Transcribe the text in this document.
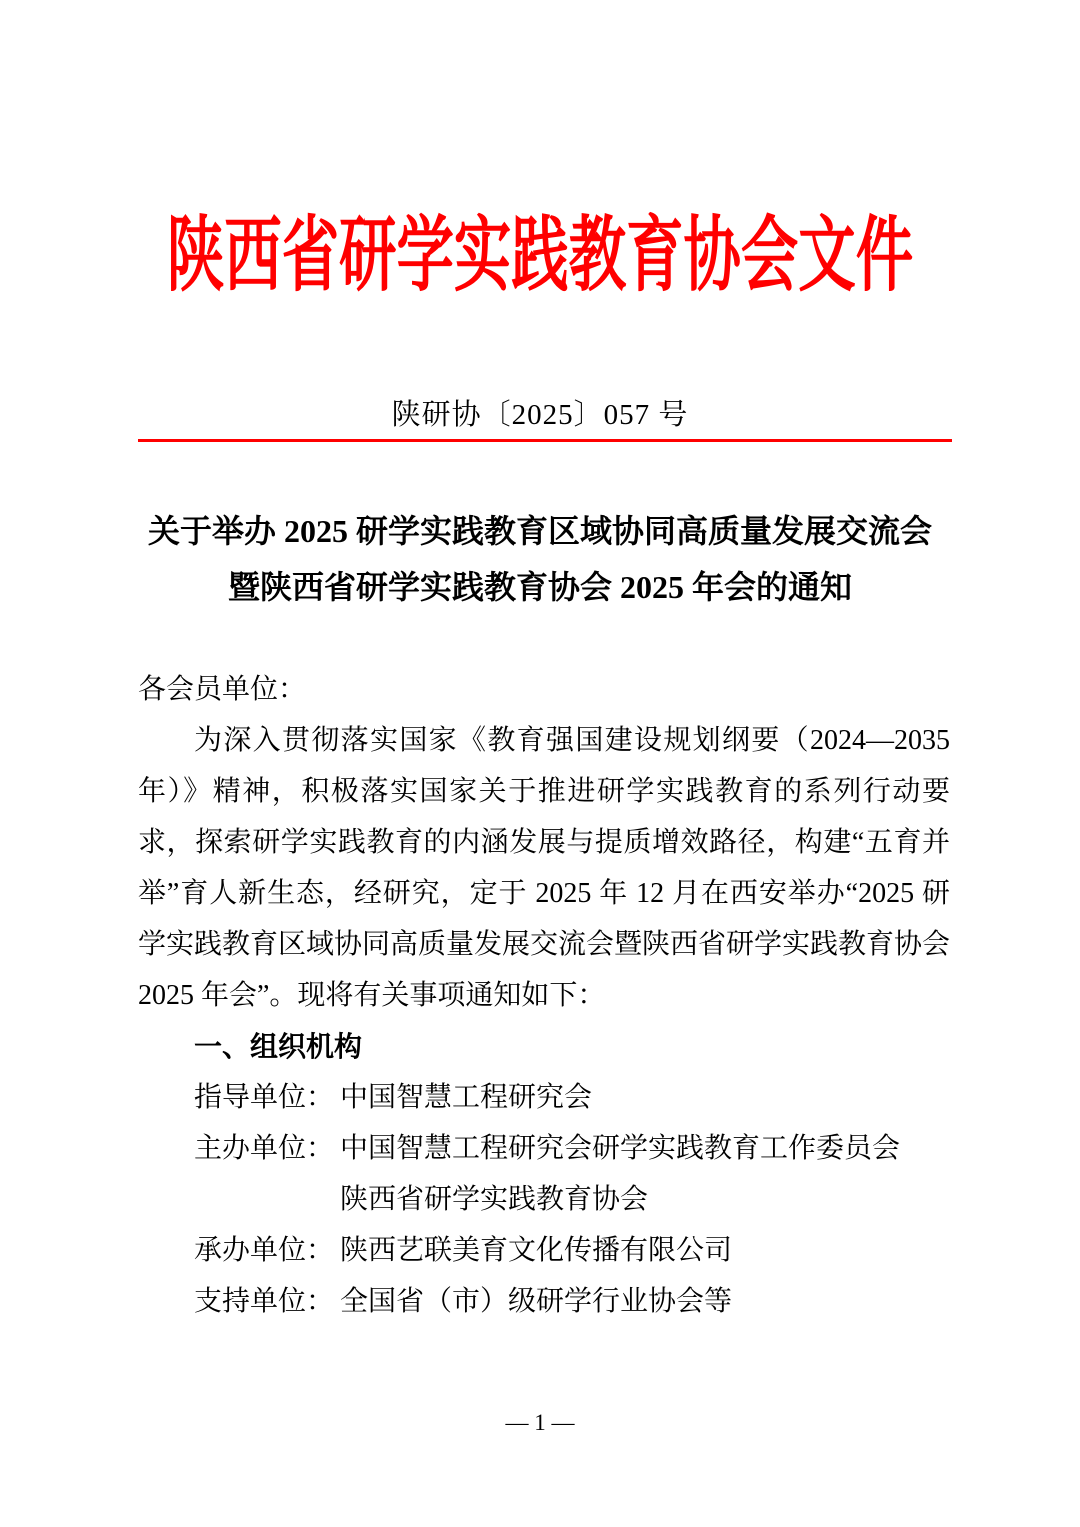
陕西省研学实践教育协会文件
陕研协〔2025〕057 号
关于举办 2025 研学实践教育区域协同高质量发展交流会
暨陕西省研学实践教育协会 2025 年会的通知
各会员单位：
为深入贯彻落实国家《教育强国建设规划纲要（2024—2035 年）》精神，积极落实国家关于推进研学实践教育的系列行动要求，探索研学实践教育的内涵发展与提质增效路径，构建“五育并举”育人新生态，经研究，定于 2025 年 12 月在西安举办“2025 研学实践教育区域协同高质量发展交流会暨陕西省研学实践教育协会 2025 年会”。现将有关事项通知如下：
一、组织机构
指导单位： 中国智慧工程研究会
主办单位： 中国智慧工程研究会研学实践教育工作委员会
陕西省研学实践教育协会
承办单位： 陕西艺联美育文化传播有限公司
支持单位： 全国省（市）级研学行业协会等
— 1 —
